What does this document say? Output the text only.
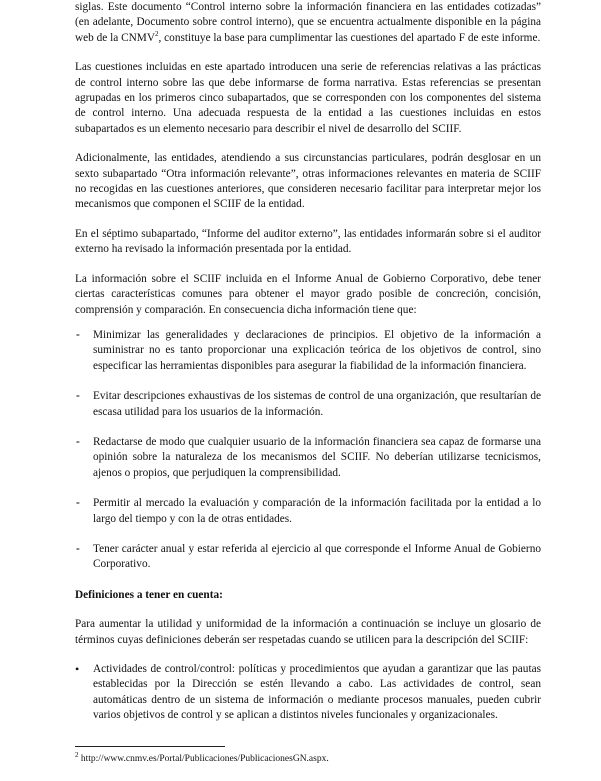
siglas. Este documento “Control interno sobre la información financiera en las entidades cotizadas” (en adelante, Documento sobre control interno), que se encuentra actualmente disponible en la página web de la CNMV$^2$, constituye la base para cumplimentar las cuestiones del apartado F de este informe.

Las cuestiones incluidas en este apartado introducen una serie de referencias relativas a las prácticas de control interno sobre las que debe informarse de forma narrativa. Estas referencias se presentan agrupadas en los primeros cinco subapartados, que se corresponden con los componentes del sistema de control interno. Una adecuada respuesta de la entidad a las cuestiones incluidas en estos subapartados es un elemento necesario para describir el nivel de desarrollo del SCIIF.

Adicionalmente, las entidades, atendiendo a sus circunstancias particulares, podrán desglosar en un sexto subapartado “Otra información relevante”, otras informaciones relevantes en materia de SCIIF no recogidas en las cuestiones anteriores, que consideren necesario facilitar para interpretar mejor los mecanismos que componen el SCIIF de la entidad.

En el séptimo subapartado, “Informe del auditor externo”, las entidades informarán sobre si el auditor externo ha revisado la información presentada por la entidad.

La información sobre el SCIIF incluida en el Informe Anual de Gobierno Corporativo, debe tener ciertas características comunes para obtener el mayor grado posible de concreción, concisión, comprensión y comparación. En consecuencia dicha información tiene que:

- Minimizar las generalidades y declaraciones de principios. El objetivo de la información a suministrar no es tanto proporcionar una explicación teórica de los objetivos de control, sino especificar las herramientas disponibles para asegurar la fiabilidad de la información financiera.
- Evitar descripciones exhaustivas de los sistemas de control de una organización, que resultarían de escasa utilidad para los usuarios de la información.
- Redactarse de modo que cualquier usuario de la información financiera sea capaz de formarse una opinión sobre la naturaleza de los mecanismos del SCIIF. No deberían utilizarse tecnicismos, ajenos o propios, que perjudiquen la comprensibilidad.
- Permitir al mercado la evaluación y comparación de la información facilitada por la entidad a lo largo del tiempo y con la de otras entidades.
- Tener carácter anual y estar referida al ejercicio al que corresponde el Informe Anual de Gobierno Corporativo.

Definiciones a tener en cuenta:

Para aumentar la utilidad y uniformidad de la información a continuación se incluye un glosario de términos cuyas definiciones deberán ser respetadas cuando se utilicen para la descripción del SCIIF:

• Actividades de control/control: políticas y procedimientos que ayudan a garantizar que las pautas establecidas por la Dirección se estén llevando a cabo. Las actividades de control, sean automáticas dentro de un sistema de información o mediante procesos manuales, pueden cubrir varios objetivos de control y se aplican a distintos niveles funcionales y organizacionales.
$^2$ http://www.cnmv.es/Portal/Publicaciones/PublicacionesGN.aspx.
